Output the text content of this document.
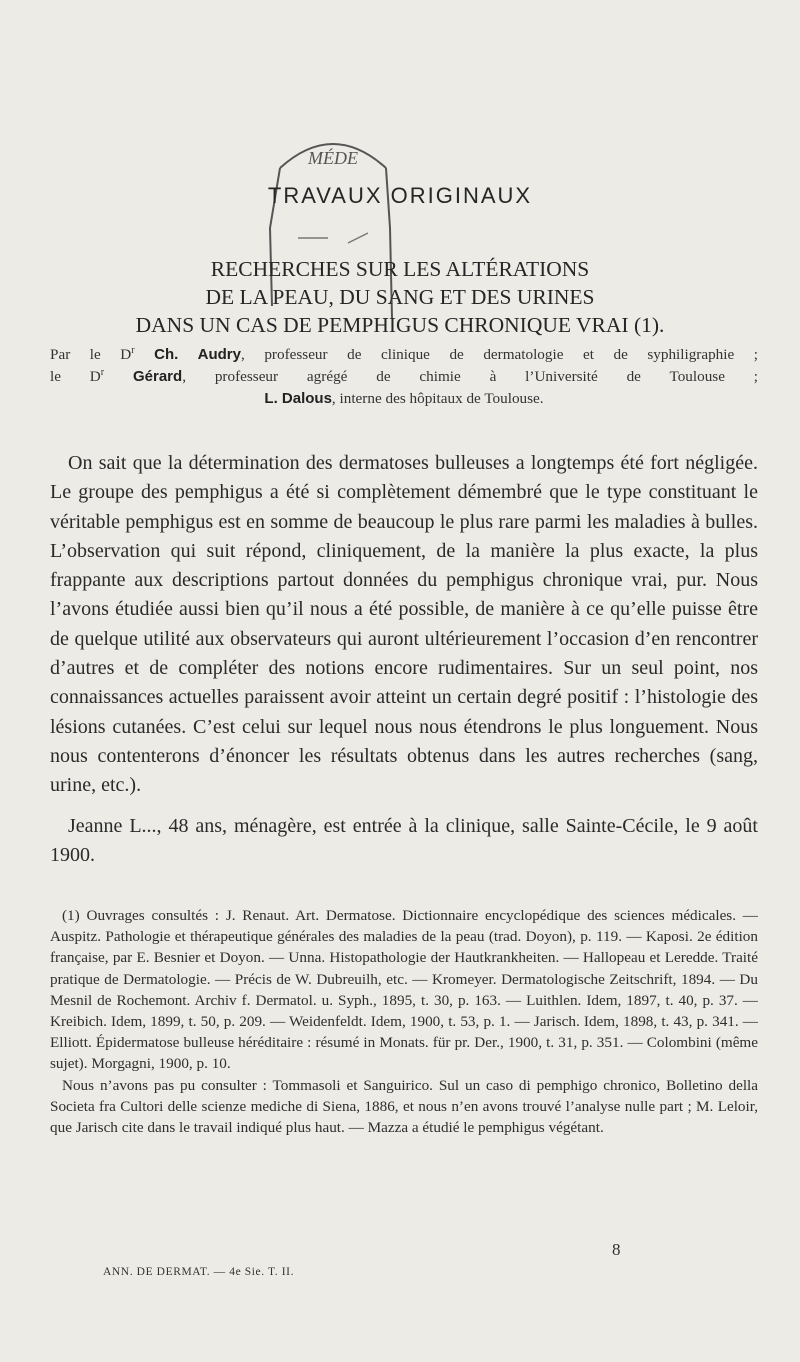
MÉDE
TRAVAUX ORIGINAUX
RECHERCHES SUR LES ALTÉRATIONS
DE LA PEAU, DU SANG ET DES URINES
DANS UN CAS DE PEMPHIGUS CHRONIQUE VRAI (1).
Par le $D^r$ Ch. Audry, professeur de clinique de dermatologie et de syphiligraphie ;
le $D^r$ Gérard, professeur agrégé de chimie à l’Université de Toulouse ;
L. Dalous, interne des hôpitaux de Toulouse.

On sait que la détermination des dermatoses bulleuses a longtemps été fort négligée. Le groupe des pemphigus a été si complètement démembré que le type constituant le véritable pemphigus est en somme de beaucoup le plus rare parmi les maladies à bulles. L’observation qui suit répond, cliniquement, de la manière la plus exacte, la plus frappante aux descriptions partout données du pemphigus chronique vrai, pur. Nous l’avons étudiée aussi bien qu’il nous a été possible, de manière à ce qu’elle puisse être de quelque utilité aux observateurs qui auront ultérieurement l’occasion d’en rencontrer d’autres et de compléter des notions encore rudimentaires. Sur un seul point, nos connaissances actuelles paraissent avoir atteint un certain degré positif : l’histologie des lésions cutanées. C’est celui sur lequel nous nous étendrons le plus longuement. Nous nous contenterons d’énoncer les résultats obtenus dans les autres recherches (sang, urine, etc.).

Jeanne L..., 48 ans, ménagère, est entrée à la clinique, salle Sainte-Cécile, le 9 août 1900.

(1) Ouvrages consultés : J. Renaut. Art. Dermatose. Dictionnaire encyclopédique des sciences médicales. — Auspitz. Pathologie et thérapeutique générales des maladies de la peau (trad. Doyon), p. 119. — Kaposi. 2e édition française, par E. Besnier et Doyon. — Unna. Histopathologie der Hautkrankheiten. — Hallopeau et Leredde. Traité pratique de Dermatologie. — Précis de W. Dubreuilh, etc. — Kromeyer. Dermatologische Zeitschrift, 1894. — Du Mesnil de Rochemont. Archiv f. Dermatol. u. Syph., 1895, t. 30, p. 163. — Luithlen. Idem, 1897, t. 40, p. 37. — Kreibich. Idem, 1899, t. 50, p. 209. — Weidenfeldt. Idem, 1900, t. 53, p. 1. — Jarisch. Idem, 1898, t. 43, p. 341. — Elliott. Épidermatose bulleuse héréditaire : résumé in Monats. für pr. Der., 1900, t. 31, p. 351. — Colombini (même sujet). Morgagni, 1900, p. 10.

Nous n’avons pas pu consulter : Tommasoli et Sanguirico. Sul un caso di pemphigo chronico, Bolletino della Societa fra Cultori delle scienze mediche di Siena, 1886, et nous n’en avons trouvé l’analyse nulle part ; M. Leloir, que Jarisch cite dans le travail indiqué plus haut. — Mazza a étudié le pemphigus végétant.

ANN. DE DERMAT. — 4e Sie. T. II.
8
